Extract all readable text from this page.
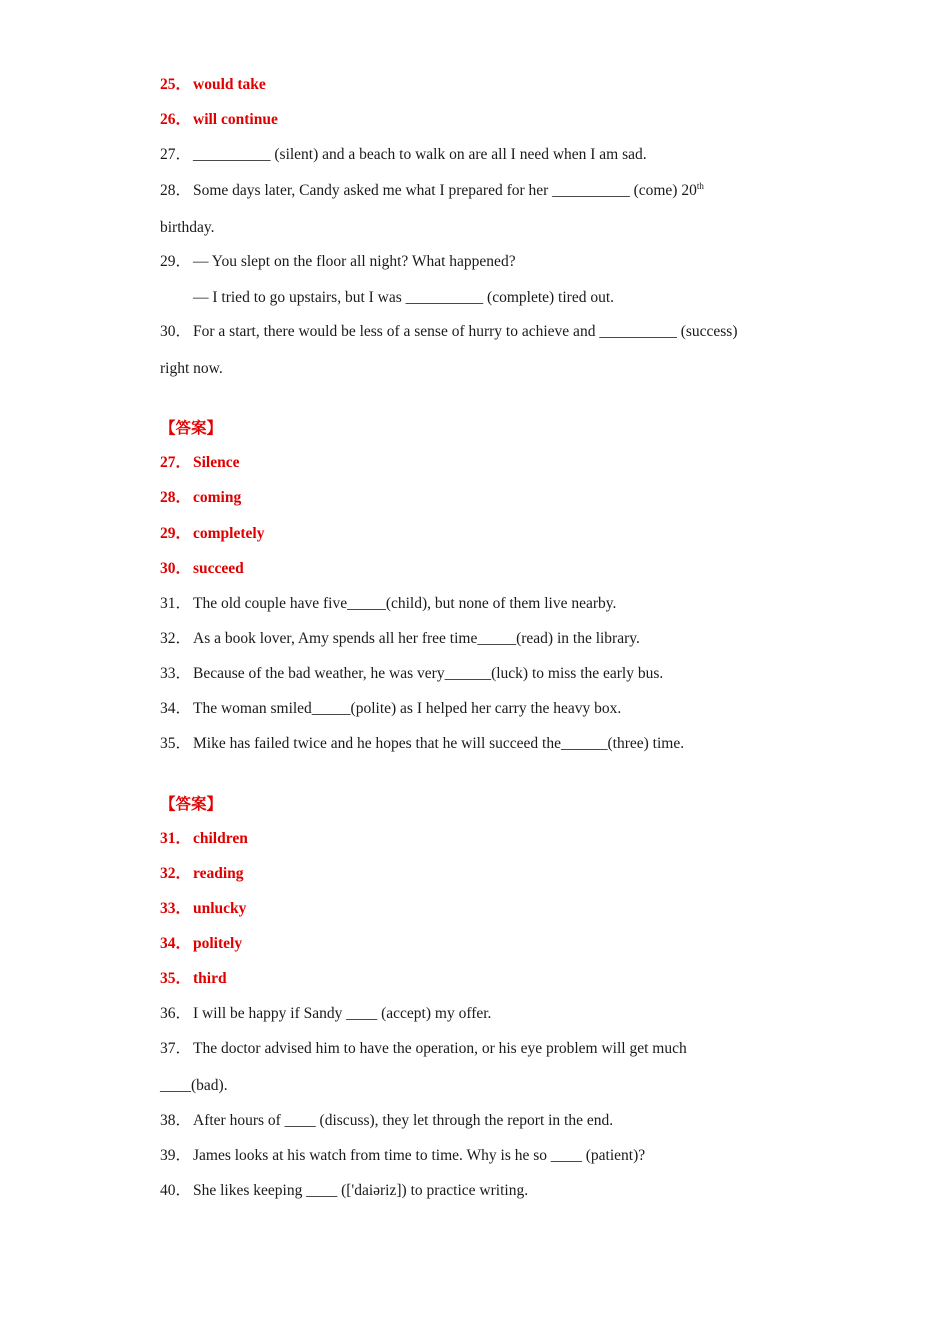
25． would take
26． will continue
27． __________ (silent) and a beach to walk on are all I need when I am sad.
28． Some days later, Candy asked me what I prepared for her __________ (come) 20th
birthday.
29． — You slept on the floor all night? What happened?
— I tried to go upstairs, but I was __________ (complete) tired out.
30． For a start, there would be less of a sense of hurry to achieve and __________ (success)
right now.
【答案】
27． Silence
28． coming
29． completely
30． succeed
31． The old couple have five_____(child), but none of them live nearby.
32． As a book lover, Amy spends all her free time_____(read) in the library.
33． Because of the bad weather, he was very______(luck) to miss the early bus.
34． The woman smiled_____(polite) as I helped her carry the heavy box.
35． Mike has failed twice and he hopes that he will succeed the______(three) time.
【答案】
31． children
32． reading
33． unlucky
34． politely
35． third
36． I will be happy if Sandy ____ (accept) my offer.
37． The doctor advised him to have the operation, or his eye problem will get much
____(bad).
38． After hours of ____ (discuss), they let through the report in the end.
39． James looks at his watch from time to time. Why is he so ____ (patient)?
40． She likes keeping ____ (['daiəriz]) to practice writing.
